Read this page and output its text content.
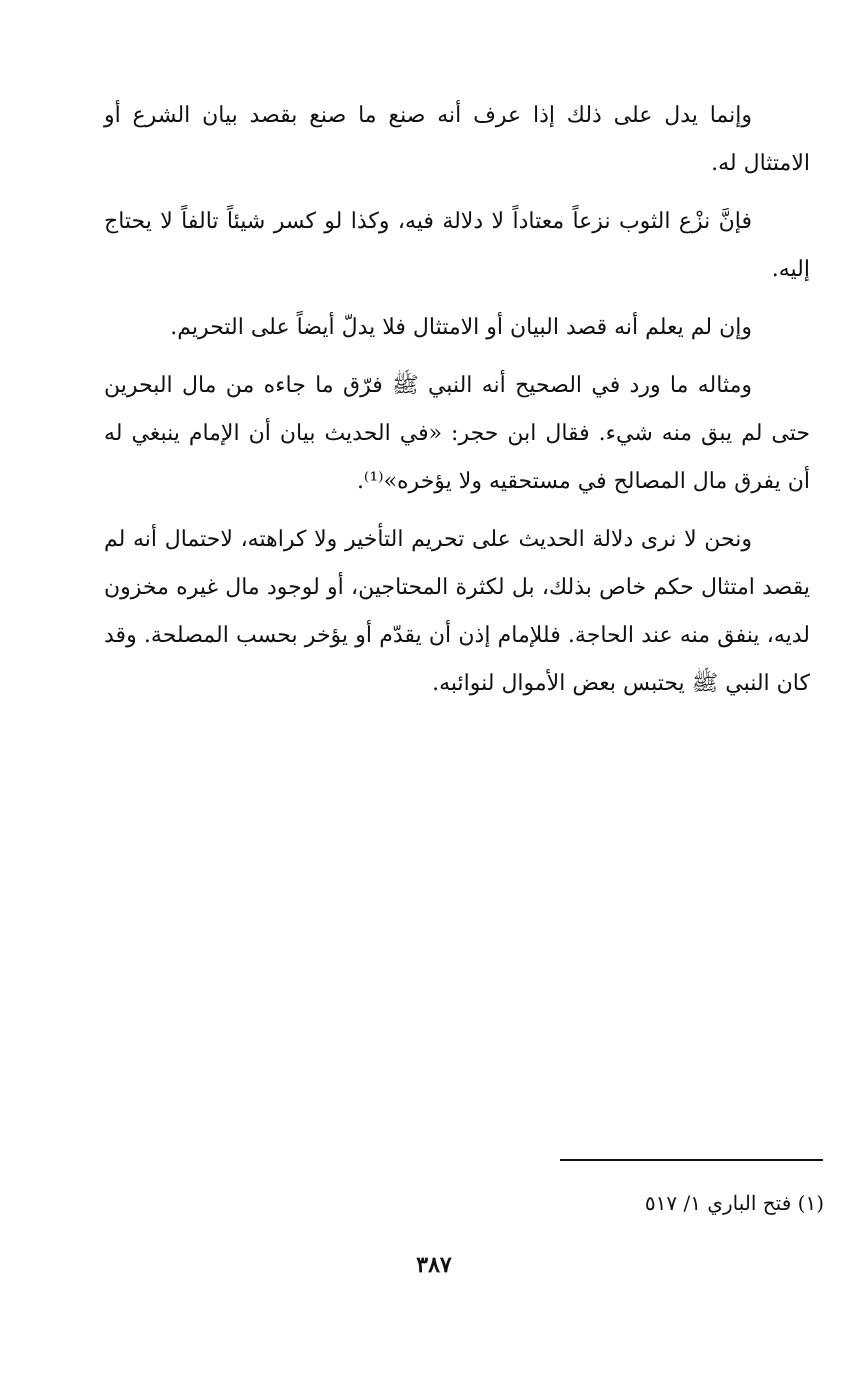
وإنما يدل على ذلك إذا عرف أنه صنع ما صنع بقصد بيان الشرع أو الامتثال له.

فإنَّ نزْع الثوب نزعاً معتاداً لا دلالة فيه، وكذا لو كسر شيئاً تالفاً لا يحتاج إليه.

وإن لم يعلم أنه قصد البيان أو الامتثال فلا يدلّ أيضاً على التحريم.

ومثاله ما ورد في الصحيح أنه النبي ﷺ فرّق ما جاءه من مال البحرين حتى لم يبق منه شيء. فقال ابن حجر: «في الحديث بيان أن الإمام ينبغي له أن يفرق مال المصالح في مستحقيه ولا يؤخره»⁽¹⁾.

ونحن لا نرى دلالة الحديث على تحريم التأخير ولا كراهته، لاحتمال أنه لم يقصد امتثال حكم خاص بذلك، بل لكثرة المحتاجين، أو لوجود مال غيره مخزون لديه، ينفق منه عند الحاجة. فللإمام إذن أن يقدّم أو يؤخر بحسب المصلحة. وقد كان النبي ﷺ يحتبس بعض الأموال لنوائبه.

(١) فتح الباري ١/ ٥١٧
٣٨٧
